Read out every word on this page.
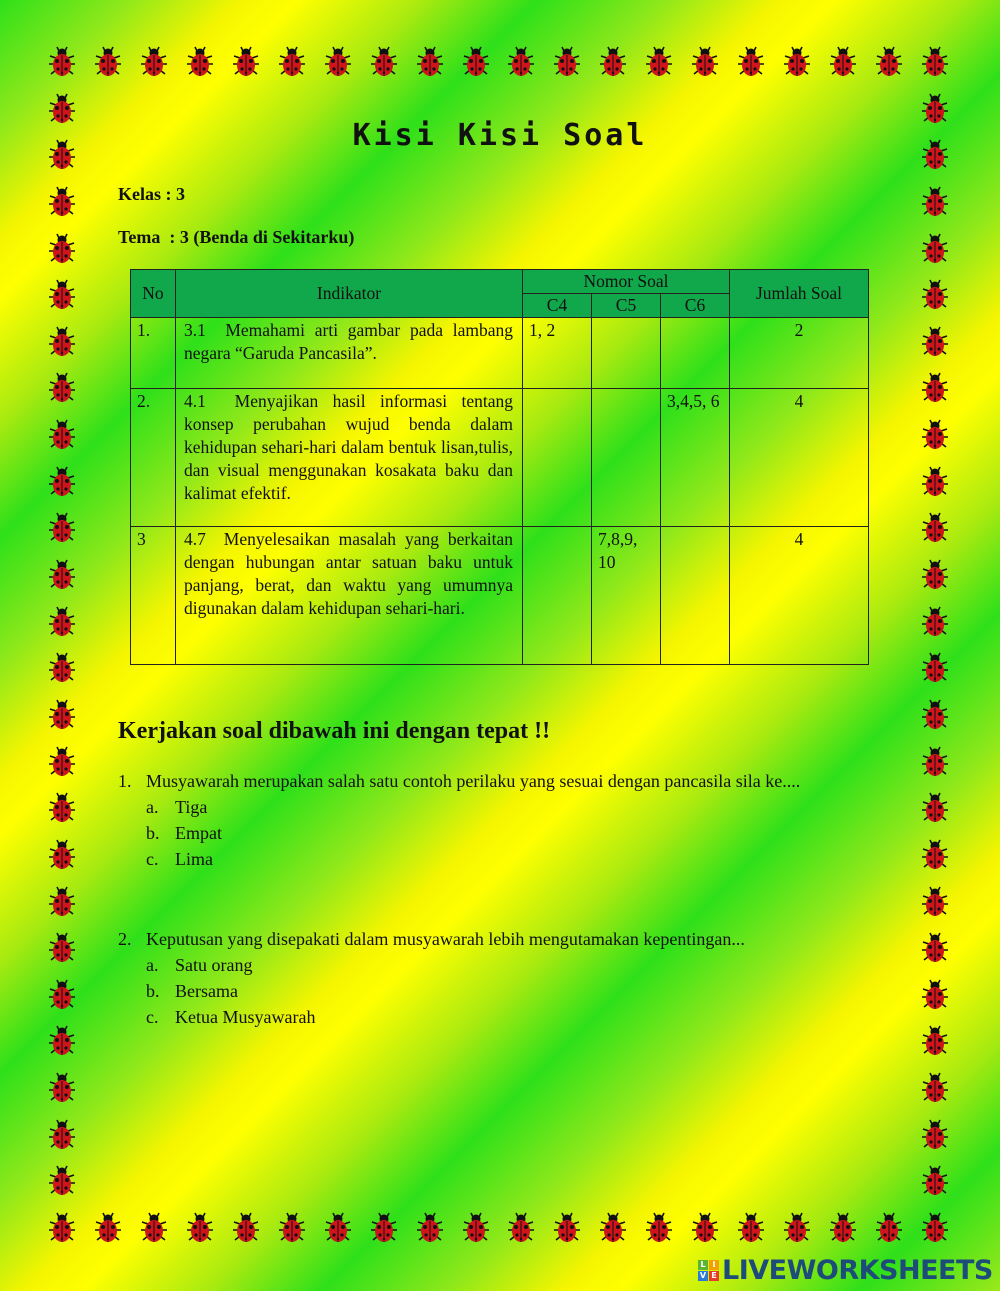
Kisi Kisi Soal
Kelas : 3
Tema  : 3 (Benda di Sekitarku)
No	Indikator	Nomor Soal			Jumlah Soal
		C4	C5	C6	
1.	3.1 Memahami arti gambar pada lambang negara “Garuda Pancasila”.	1, 2			2
2.	4.1 Menyajikan hasil informasi tentang konsep perubahan wujud benda dalam kehidupan sehari-hari dalam bentuk lisan,tulis, dan visual menggunakan kosakata baku dan kalimat efektif.			3,4,5, 6	4
3	4.7 Menyelesaikan masalah yang berkaitan dengan hubungan antar satuan baku untuk panjang, berat, dan waktu yang umumnya digunakan dalam kehidupan sehari-hari.		7,8,9, 10		4
Kerjakan soal dibawah ini dengan tepat !!
1. Musyawarah merupakan salah satu contoh perilaku yang sesuai dengan pancasila sila ke....
a. Tiga
b. Empat
c. Lima
2. Keputusan yang disepakati dalam musyawarah lebih mengutamakan kepentingan...
a. Satu orang
b. Bersama
c. Ketua Musyawarah
L I
V E LIVEWORKSHEETS
